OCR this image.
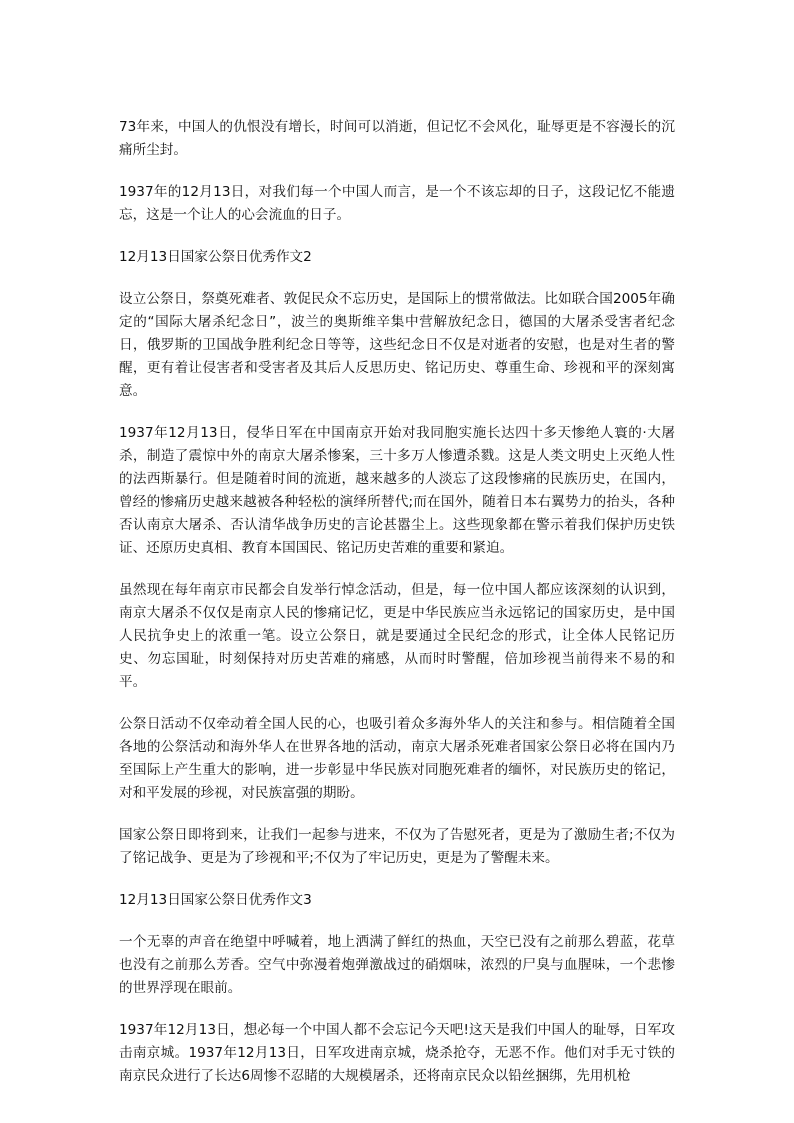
73年来，中国人的仇恨没有增长，时间可以消逝，但记忆不会风化，耻辱更是不容漫长的沉痛所尘封。

1937年的12月13日，对我们每一个中国人而言，是一个不该忘却的日子，这段记忆不能遗忘，这是一个让人的心会流血的日子。

12月13日国家公祭日优秀作文2

设立公祭日，祭奠死难者、敦促民众不忘历史，是国际上的惯常做法。比如联合国2005年确定的“国际大屠杀纪念日”，波兰的奥斯维辛集中营解放纪念日，德国的大屠杀受害者纪念日，俄罗斯的卫国战争胜利纪念日等等，这些纪念日不仅是对逝者的安慰，也是对生者的警醒，更有着让侵害者和受害者及其后人反思历史、铭记历史、尊重生命、珍视和平的深刻寓意。

1937年12月13日，侵华日军在中国南京开始对我同胞实施长达四十多天惨绝人寰的·大屠杀，制造了震惊中外的南京大屠杀惨案，三十多万人惨遭杀戮。这是人类文明史上灭绝人性的法西斯暴行。但是随着时间的流逝，越来越多的人淡忘了这段惨痛的民族历史，在国内，曾经的惨痛历史越来越被各种轻松的演绎所替代;而在国外，随着日本右翼势力的抬头，各种否认南京大屠杀、否认清华战争历史的言论甚嚣尘上。这些现象都在警示着我们保护历史铁证、还原历史真相、教育本国国民、铭记历史苦难的重要和紧迫。

虽然现在每年南京市民都会自发举行悼念活动，但是，每一位中国人都应该深刻的认识到，南京大屠杀不仅仅是南京人民的惨痛记忆，更是中华民族应当永远铭记的国家历史，是中国人民抗争史上的浓重一笔。设立公祭日，就是要通过全民纪念的形式，让全体人民铭记历史、勿忘国耻，时刻保持对历史苦难的痛感，从而时时警醒，倍加珍视当前得来不易的和平。

公祭日活动不仅牵动着全国人民的心，也吸引着众多海外华人的关注和参与。相信随着全国各地的公祭活动和海外华人在世界各地的活动，南京大屠杀死难者国家公祭日必将在国内乃至国际上产生重大的影响，进一步彰显中华民族对同胞死难者的缅怀，对民族历史的铭记，对和平发展的珍视，对民族富强的期盼。

国家公祭日即将到来，让我们一起参与进来，不仅为了告慰死者，更是为了激励生者;不仅为了铭记战争、更是为了珍视和平;不仅为了牢记历史，更是为了警醒未来。

12月13日国家公祭日优秀作文3

一个无辜的声音在绝望中呼喊着，地上洒满了鲜红的热血，天空已没有之前那么碧蓝，花草也没有之前那么芳香。空气中弥漫着炮弹激战过的硝烟味，浓烈的尸臭与血腥味，一个悲惨的世界浮现在眼前。

1937年12月13日，想必每一个中国人都不会忘记今天吧!这天是我们中国人的耻辱，日军攻击南京城。1937年12月13日，日军攻进南京城，烧杀抢夺，无恶不作。他们对手无寸铁的南京民众进行了长达6周惨不忍睹的大规模屠杀，还将南京民众以铅丝捆绑，先用机枪
